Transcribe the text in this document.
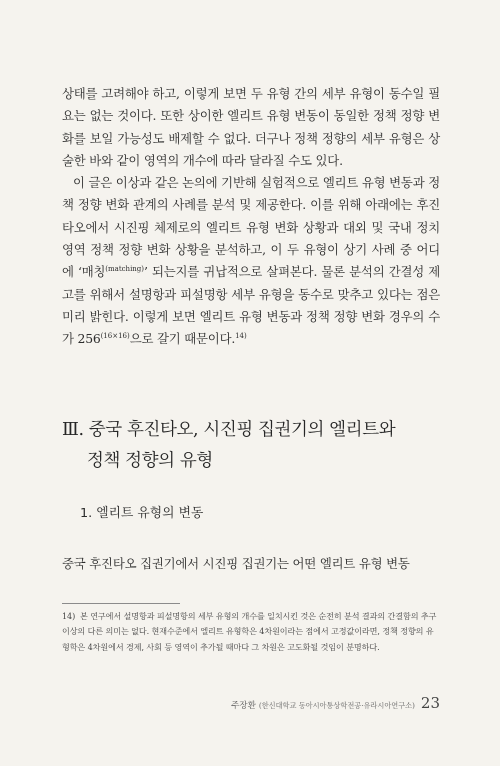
상태를 고려해야 하고, 이렇게 보면 두 유형 간의 세부 유형이 동수일 필요는 없는 것이다. 또한 상이한 엘리트 유형 변동이 동일한 정책 정향 변화를 보일 가능성도 배제할 수 없다. 더구나 정책 정향의 세부 유형은 상술한 바와 같이 영역의 개수에 따라 달라질 수도 있다.

이 글은 이상과 같은 논의에 기반해 실험적으로 엘리트 유형 변동과 정책 정향 변화 관계의 사례를 분석 및 제공한다. 이를 위해 아래에는 후진타오에서 시진핑 체제로의 엘리트 유형 변화 상황과 대외 및 국내 정치 영역 정책 정향 변화 상황을 분석하고, 이 두 유형이 상기 사례 중 어디에 ‘매칭$^{(matching)}$’ 되는지를 귀납적으로 살펴본다. 물론 분석의 간결성 제고를 위해서 설명항과 피설명항 세부 유형을 동수로 맞추고 있다는 점은 미리 밝힌다. 이렇게 보면 엘리트 유형 변동과 정책 정향 변화 경우의 수가 $256^{(16\times 16)}$으로 갈기 때문이다.$^{14)}$

Ⅲ. 중국 후진타오, 시진핑 집권기의 엘리트와
정책 정향의 유형
1. 엘리트 유형의 변동
중국 후진타오 집권기에서 시진핑 집권기는 어떤 엘리트 유형 변동
14) 본 연구에서 설명항과 피설명항의 세부 유형의 개수를 일치시킨 것은 순전히 분석 결과의 간결함의 추구 이상의 다른 의미는 없다. 현재수준에서 엘리트 유형학은 4차원이라는 점에서 고정값이라면, 정책 정향의 유형학은 4차원에서 경제, 사회 등 영역이 추가될 때마다 그 차원은 고도화될 것임이 분명하다.
주장환 (한신대학교 동아시아통상학전공·유라시아연구소) 23
